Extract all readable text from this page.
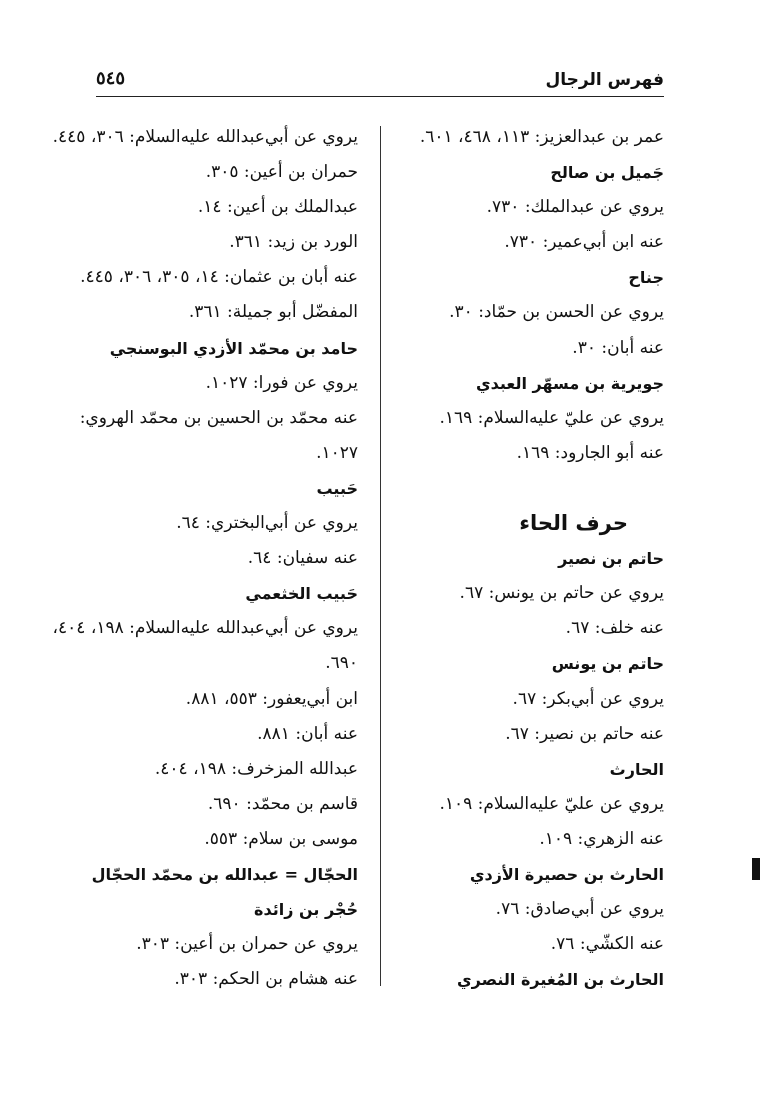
فهرس الرجال
٥٤٥
عمر بن عبدالعزيز: ١١٣، ٤٦٨، ٦٠١.
جَميل بن صالح
يروي عن عبدالملك: ٧٣٠.
عنه ابن أبي‌عمير: ٧٣٠.
جناح
يروي عن الحسن بن حمّاد: ٣٠.
عنه أبان: ٣٠.
جويرية بن مسهّر العبدي
يروي عن عليّ عليه‌السلام: ١٦٩.
عنه أبو الجارود: ١٦٩.
حرف الحاء
حاتم بن نصير
يروي عن حاتم بن يونس: ٦٧.
عنه خلف: ٦٧.
حاتم بن يونس
يروي عن أبي‌بكر: ٦٧.
عنه حاتم بن نصير: ٦٧.
الحارث
يروي عن عليّ عليه‌السلام: ١٠٩.
عنه الزهري: ١٠٩.
الحارث بن حصيرة الأزدي
يروي عن أبي‌صادق: ٧٦.
عنه الكشّي: ٧٦.
الحارث بن المُغيرة النصري
يروي عن أبي‌عبدالله عليه‌السلام: ٣٠٦، ٤٤٥.
حمران بن أعين: ٣٠٥.
عبدالملك بن أعين: ١٤.
الورد بن زيد: ٣٦١.
عنه أبان بن عثمان: ١٤، ٣٠٥، ٣٠٦، ٤٤٥.
المفضّل أبو جميلة: ٣٦١.
حامد بن محمّد الأزدي البوسنجي
يروي عن فورا: ١٠٢٧.
عنه محمّد بن الحسين بن محمّد الهروي:
١٠٢٧.
حَبيب
يروي عن أبي‌البختري: ٦٤.
عنه سفيان: ٦٤.
حَبيب الخثعمي
يروي عن أبي‌عبدالله عليه‌السلام: ١٩٨، ٤٠٤،
٦٩٠.
ابن أبي‌يعفور: ٥٥٣، ٨٨١.
عنه أبان: ٨٨١.
عبدالله المزخرف: ١٩٨، ٤٠٤.
قاسم بن محمّد: ٦٩٠.
موسى بن سلام: ٥٥٣.
الحجّال = عبدالله بن محمّد الحجّال
حُجْر بن زائدة
يروي عن حمران بن أعين: ٣٠٣.
عنه هشام بن الحكم: ٣٠٣.
